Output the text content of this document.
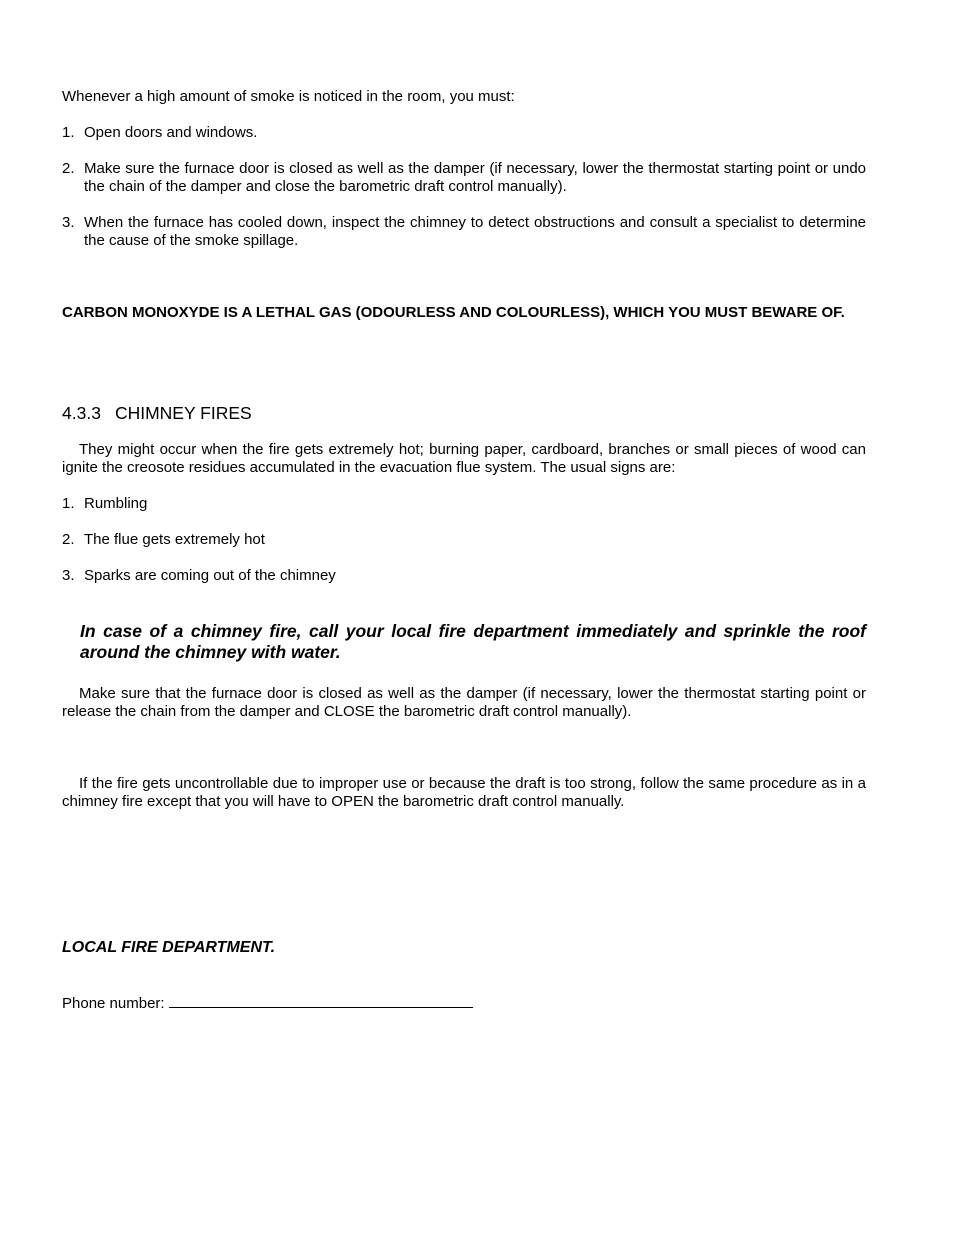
Whenever a high amount of smoke is noticed in the room, you must:
1. Open doors and windows.
2. Make sure the furnace door is closed as well as the damper (if necessary, lower the thermostat starting point or undo the chain of the damper and close the barometric draft control manually).
3. When the furnace has cooled down, inspect the chimney to detect obstructions and consult a specialist to determine the cause of the smoke spillage.
CARBON MONOXYDE IS A LETHAL GAS (ODOURLESS AND COLOURLESS), WHICH YOU MUST BEWARE OF.
4.3.3 CHIMNEY FIRES
They might occur when the fire gets extremely hot; burning paper, cardboard, branches or small pieces of wood can ignite the creosote residues accumulated in the evacuation flue system. The usual signs are:
1. Rumbling
2. The flue gets extremely hot
3. Sparks are coming out of the chimney
In case of a chimney fire, call your local fire department immediately and sprinkle the roof around the chimney with water.
Make sure that the furnace door is closed as well as the damper (if necessary, lower the thermostat starting point or release the chain from the damper and CLOSE the barometric draft control manually).
If the fire gets uncontrollable due to improper use or because the draft is too strong, follow the same procedure as in a chimney fire except that you will have to OPEN the barometric draft control manually.
LOCAL FIRE DEPARTMENT.
Phone number:
